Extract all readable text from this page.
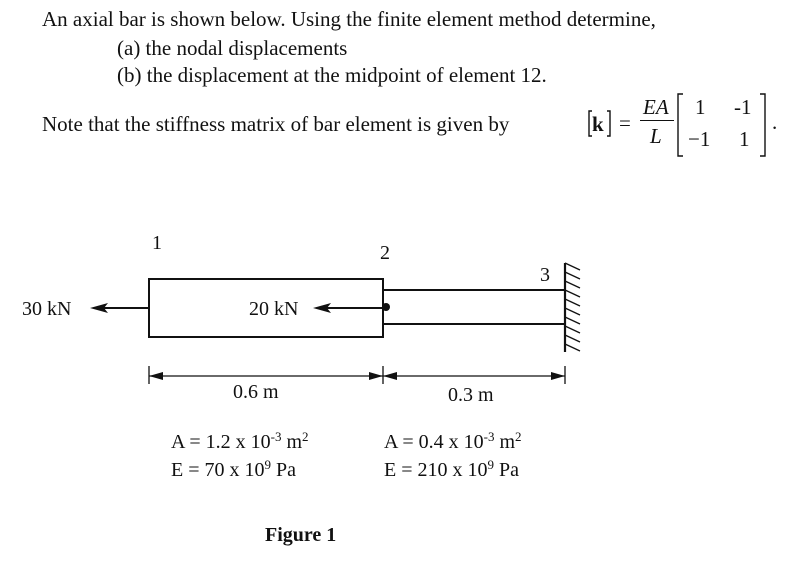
An axial bar is shown below. Using the finite element method determine,
(a) the nodal displacements
(b) the displacement at the midpoint of element 12.
Note that the stiffness matrix of bar element is given by	k =
EA
L
1 -1
−1 1
.
1	2
3
30 kN	20 kN
0.6 m	0.3 m
A = 1.2 x $10^{-3}$ $m^2$
E = 70 x $10^9$ Pa
A = 0.4 x $10^{-3}$ $m^2$
E = 210 x $10^9$ Pa
Figure 1
